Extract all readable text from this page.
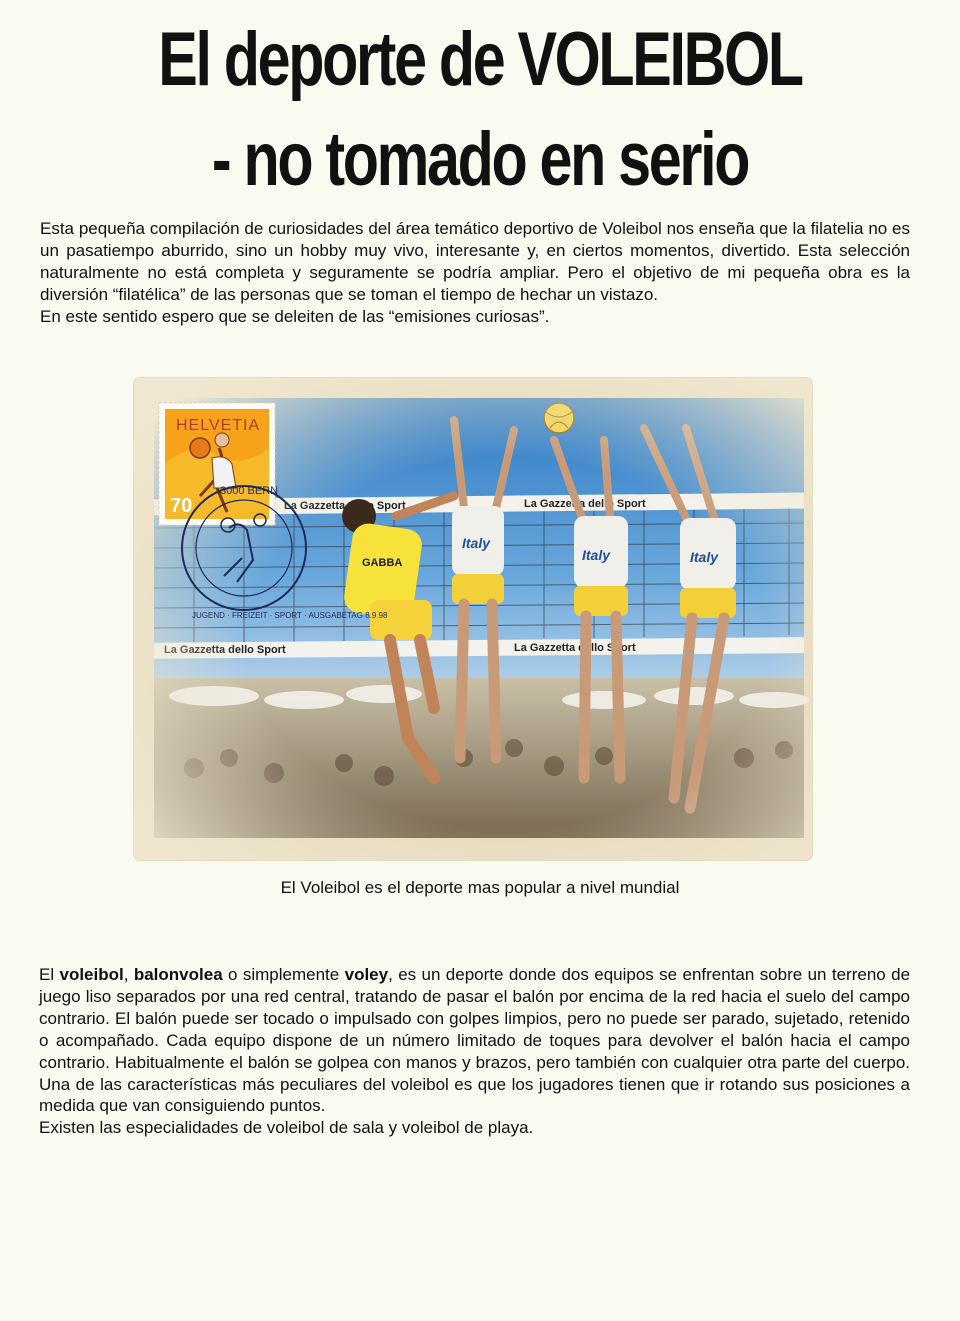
El deporte de VOLEIBOL
- no tomado en serio

Esta pequeña compilación de curiosidades del área temático deportivo de Voleibol nos enseña que la filatelia no es un pasatiempo aburrido, sino un hobby muy vivo, interesante y, en ciertos momentos, divertido. Esta selección naturalmente no está completa y seguramente se podría ampliar. Pero el objetivo de mi pequeña obra es la diversión “filatélica” de las personas que se toman el tiempo de hechar un vistazo.

En este sentido espero que se deleiten de las “emisiones curiosas”.

HELVETIA
70
3000 BERN
JUGEND · FREIZEIT · SPORT · AUSGABETAG 8.9.98
El Voleibol es el deporte mas popular a nivel mundial

El voleibol, balonvolea o simplemente voley, es un deporte donde dos equipos se enfrentan sobre un terreno de juego liso separados por una red central, tratando de pasar el balón por encima de la red hacia el suelo del campo contrario. El balón puede ser tocado o impulsado con golpes limpios, pero no puede ser parado, sujetado, retenido o acompañado. Cada equipo dispone de un número limitado de toques para devolver el balón hacia el campo contrario. Habitualmente el balón se golpea con manos y brazos, pero también con cualquier otra parte del cuerpo. Una de las características más peculiares del voleibol es que los jugadores tienen que ir rotando sus posiciones a medida que van consiguiendo puntos.

Existen las especialidades de voleibol de sala y voleibol de playa.
